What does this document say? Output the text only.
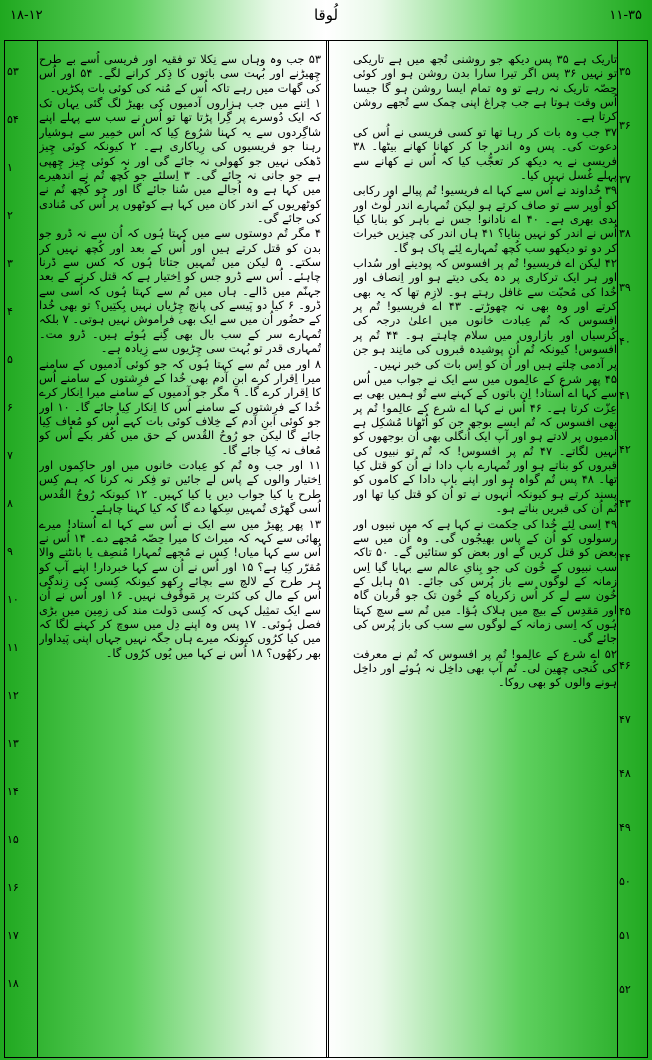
۱۸-۱۲	لُوقا	۱۱-۳۵
۵۳
۵۴
۱
۲
۳
۴
۵
۶
۷
۸
۹
۱۰
۱۱
۱۲
۱۳
۱۴
۱۵
۱۶
۱۷
۱۸

۵۳ جب وہ وہاں سے نِکلا تو فقیہ اور فریسی اُسے بے طرح چِھیڑنے اور بُہت سی باتوں کا ذِکر کرانے لگے۔ ۵۴ اور اُس کی گھات میں رہے تاکہ اُس کے مُنہ کی کوئی بات پکڑیں۔

۱ اِتنے میں جب ہزاروں آدمیوں کی بھیڑ لگ گئی یہاں تک کہ ایک دُوسرے پر گِرا پڑتا تھا تو اُس نے سب سے پہلے اپنے شاگِردوں سے یہ کہنا شرُوع کِیا کہ اُس خمِیر سے ہوشیار رہنا جو فریسیوں کی رِیاکاری ہے۔ ۲ کیونکہ کوئی چِیز ڈھکی نہیں جو کھولی نہ جائے گی اور نہ کوئی چِیز چِھپی ہے جو جانی نہ جائے گی۔ ۳ اِسلئے جو کُچھ تُم نے اندھیرے میں کہا ہے وہ اُجالے میں سُنا جائے گا اور جو کُچھ تُم نے کوٹھریوں کے اندر کان میں کہا ہے کوٹھوں پر اُس کی مُنادی کی جائے گی۔

۴ مگر تُم دوستوں سے میں کہتا ہُوں کہ اُن سے نہ ڈرو جو بدن کو قتل کرتے ہیں اور اُس کے بعد اور کُچھ نہیں کر سکتے۔ ۵ لیکن میں تُمہیں جتاتا ہُوں کہ کس سے ڈرنا چاہئے۔ اُس سے ڈرو جس کو اِختیار ہے کہ قتل کرنے کے بعد جہنّم میں ڈالے۔ ہاں میں تُم سے کہتا ہُوں کہ اُسی سے ڈرو۔ ۶ کیا دو پَیسے کی پانچ چِڑیاں نہیں بِکتِیں؟ تو بھی خُدا کے حضُور اُن میں سے ایک بھی فراموش نہیں ہوتی۔ ۷ بلکہ تُمہارے سر کے سب بال بھی گِنے ہُوئے ہیں۔ ڈرو مت۔ تُمہاری قدر تو بُہت سی چِڑیوں سے زِیادہ ہے۔

۸ اور میں تُم سے کہتا ہُوں کہ جو کوئی آدمیوں کے سامنے میرا اِقرار کرے ابنِ آدم بھی خُدا کے فرِشتوں کے سامنے اُس کا اِقرار کرے گا۔ ۹ مگر جو آدمیوں کے سامنے میرا اِنکار کرے خُدا کے فرِشتوں کے سامنے اُس کا اِنکار کِیا جائے گا۔ ۱۰ اور جو کوئی ابنِ آدم کے خِلاف کوئی بات کہے اُس کو مُعاف کِیا جائے گا لیکن جو رُوحُ القُدس کے حق میں کُفر بکے اُس کو مُعاف نہ کِیا جائے گا۔

۱۱ اور جب وہ تُم کو عِبادت خانوں میں اور حاکِموں اور اِختیار والوں کے پاس لے جائیں تو فِکر نہ کرنا کہ ہم کِس طرح یا کیا جواب دیں یا کیا کہیں۔ ۱۲ کیونکہ رُوحُ القُدس اُسی گھڑی تُمہیں سِکھا دے گا کہ کیا کہنا چاہئے۔

۱۳ پھر بِھیڑ میں سے ایک نے اُس سے کہا اے اُستاد! میرے بھائی سے کہہ کہ میراث کا میرا حِصّہ مُجھے دے۔ ۱۴ اُس نے اُس سے کہا میاں! کِس نے مُجھے تُمہارا مُنصِف یا بانٹنے والا مُقرّر کِیا ہے؟ ۱۵ اور اُس نے اُن سے کہا خبردار! اپنے آپ کو ہر طرح کے لالچ سے بچائے رکھو کیونکہ کِسی کی زِندگی اُس کے مال کی کثرت پر مَوقُوف نہیں۔ ۱۶ اور اُس نے اُن سے ایک تمثِیل کہی کہ کِسی دَولت مند کی زمِین میں بڑی فصل ہُوئی۔ ۱۷ پس وہ اپنے دِل میں سوچ کر کہنے لگا کہ میں کیا کرُوں کیونکہ میرے ہاں جگہ نہیں جہاں اپنی پَیداوار بھر رکھُوں؟ ۱۸ اُس نے کہا میں یُوں کرُوں گا۔

تاریک ہے ۳۵ پس دیکھ جو روشنی تُجھ میں ہے تاریکی تو نہیں ۳۶ پس اگر تیرا سارا بدن روشن ہو اور کوئی حِصّہ تاریک نہ رہے تو وہ تمام ایسا روشن ہو گا جیسا اُس وقت ہوتا ہے جب چراغ اپنی چمک سے تُجھے روشن کرتا ہے۔

۳۷ جب وہ بات کر رہا تھا تو کسی فریسی نے اُس کی دعوت کی۔ پس وہ اندر جا کر کھانا کھانے بیٹھا۔ ۳۸ فریسی نے یہ دیکھ کر تعجُّب کیا کہ اُس نے کھانے سے پہلے غُسل نہیں کیا۔

۳۹ خُداوند نے اُس سے کہا اے فریسیو! تُم پیالے اور رکابی کو اُوپر سے تو صاف کرتے ہو لیکن تُمہارے اندر لُوٹ اور بدی بھری ہے۔ ۴۰ اے نادانو! جس نے باہر کو بنایا کیا اُس نے اندر کو نہیں بنایا؟ ۴۱ ہاں اندر کی چیزیں خیرات کر دو تو دیکھو سب کُچھ تُمہارے لِئے پاک ہو گا۔

۴۲ لیکن اے فریسیو! تُم پر افسوس کہ پودینے اور سُداب اور ہر ایک ترکاری پر دہ یکی دیتے ہو اور اِنصاف اور خُدا کی مُحبّت سے غافل رہتے ہو۔ لازِم تھا کہ یہ بھی کرتے اور وہ بھی نہ چھوڑتے۔ ۴۳ اے فریسیو! تُم پر افسوس کہ تُم عِبادت خانوں میں اعلیٰ درجہ کی کُرسیاں اور بازاروں میں سلام چاہتے ہو۔ ۴۴ تُم پر افسوس! کیونکہ تُم اُن پوشیدہ قبروں کی مانِند ہو جن پر آدمی چلتے ہیں اور اُن کو اِس بات کی خبر نہیں۔

۴۵ پھر شرع کے عالِموں میں سے ایک نے جواب میں اُس سے کہا اے اُستاد! اِن باتوں کے کہنے سے تُو ہمیں بھی بے عِزّت کرتا ہے۔ ۴۶ اُس نے کہا اے شرع کے عالِمو! تُم پر بھی افسوس کہ تُم ایسے بوجھ جن کو اُٹھانا مُشکِل ہے آدمیوں پر لادتے ہو اور آپ ایک اُنگلی بھی اُن بوجھوں کو نہیں لگاتے۔ ۴۷ تُم پر افسوس! کہ تُم تو نبیوں کی قبروں کو بناتے ہو اور تُمہارے باپ دادا نے اُن کو قتل کیا تھا۔ ۴۸ پس تُم گواہ ہو اور اپنے باپ دادا کے کاموں کو پسند کرتے ہو کیونکہ اُنہوں نے تو اُن کو قتل کیا تھا اور تُم اُن کی قبریں بناتے ہو۔

۴۹ اِسی لِئے خُدا کی حِکمت نے کہا ہے کہ میں نبیوں اور رسولوں کو اُن کے پاس بھیجُوں گی۔ وہ اُن میں سے بعض کو قتل کریں گے اور بعض کو ستائیں گے۔ ۵۰ تاکہ سب نبیوں کے خُون کی جو بِنایِ عالم سے بہایا گیا اِس زمانہ کے لوگوں سے باز پُرس کی جائے۔ ۵۱ ہابل کے خُون سے لے کر اُس زکریاہ کے خُون تک جو قُربان گاہ اور مَقدِس کے بیچ میں ہلاک ہُؤا۔ میں تُم سے سچ کہتا ہُوں کہ اِسی زمانہ کے لوگوں سے سب کی باز پُرس کی جائے گی۔

۵۲ اے شرع کے عالِمو! تُم پر افسوس کہ تُم نے معرفت کی کُنجی چھین لی۔ تُم آپ بھی داخِل نہ ہُوئے اور داخِل ہونے والوں کو بھی روکا۔

۳۵
۳۶
۳۷
۳۸
۳۹
۴۰
۴۱
۴۲
۴۳
۴۴
۴۵
۴۶
۴۷
۴۸
۴۹
۵۰
۵۱
۵۲
